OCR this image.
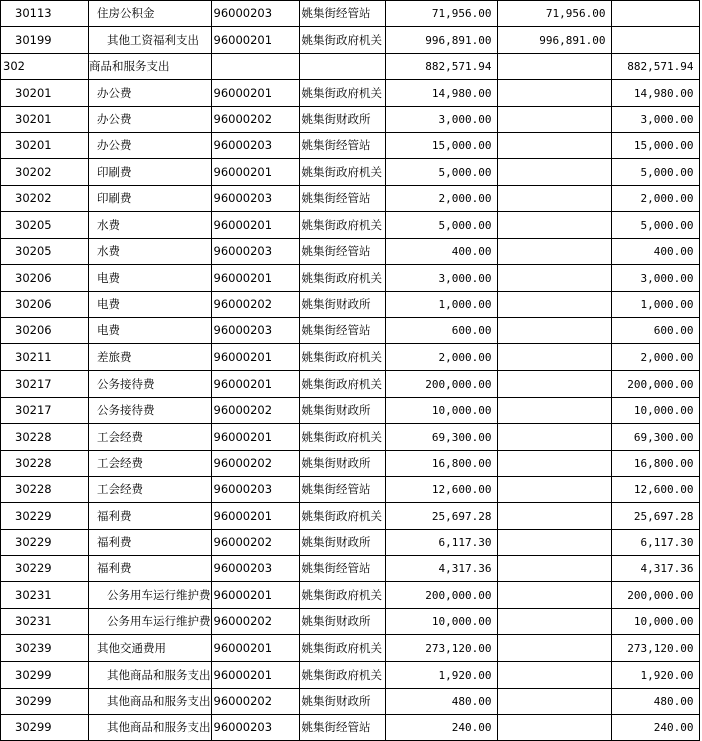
30113	住房公积金	96000203	姚集街经管站	71,956.00	71,956.00	
30199	其他工资福利支出	96000201	姚集街政府机关	996,891.00	996,891.00	
302	商品和服务支出			882,571.94		882,571.94
30201	办公费	96000201	姚集街政府机关	14,980.00		14,980.00
30201	办公费	96000202	姚集街财政所	3,000.00		3,000.00
30201	办公费	96000203	姚集街经管站	15,000.00		15,000.00
30202	印刷费	96000201	姚集街政府机关	5,000.00		5,000.00
30202	印刷费	96000203	姚集街经管站	2,000.00		2,000.00
30205	水费	96000201	姚集街政府机关	5,000.00		5,000.00
30205	水费	96000203	姚集街经管站	400.00		400.00
30206	电费	96000201	姚集街政府机关	3,000.00		3,000.00
30206	电费	96000202	姚集街财政所	1,000.00		1,000.00
30206	电费	96000203	姚集街经管站	600.00		600.00
30211	差旅费	96000201	姚集街政府机关	2,000.00		2,000.00
30217	公务接待费	96000201	姚集街政府机关	200,000.00		200,000.00
30217	公务接待费	96000202	姚集街财政所	10,000.00		10,000.00
30228	工会经费	96000201	姚集街政府机关	69,300.00		69,300.00
30228	工会经费	96000202	姚集街财政所	16,800.00		16,800.00
30228	工会经费	96000203	姚集街经管站	12,600.00		12,600.00
30229	福利费	96000201	姚集街政府机关	25,697.28		25,697.28
30229	福利费	96000202	姚集街财政所	6,117.30		6,117.30
30229	福利费	96000203	姚集街经管站	4,317.36		4,317.36
30231	公务用车运行维护费	96000201	姚集街政府机关	200,000.00		200,000.00
30231	公务用车运行维护费	96000202	姚集街财政所	10,000.00		10,000.00
30239	其他交通费用	96000201	姚集街政府机关	273,120.00		273,120.00
30299	其他商品和服务支出	96000201	姚集街政府机关	1,920.00		1,920.00
30299	其他商品和服务支出	96000202	姚集街财政所	480.00		480.00
30299	其他商品和服务支出	96000203	姚集街经管站	240.00		240.00
